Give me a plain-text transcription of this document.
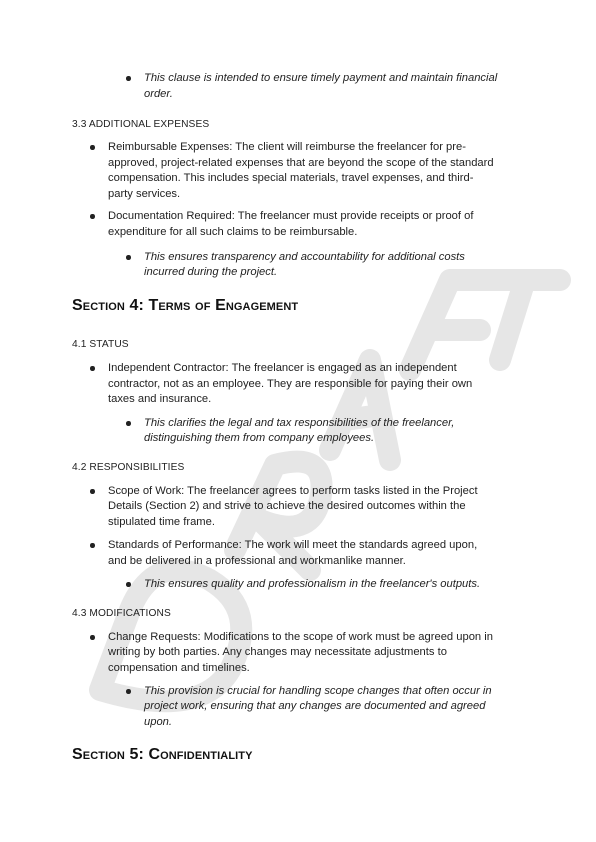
This clause is intended to ensure timely payment and maintain financial

order.

3.3 ADDITIONAL EXPENSES

Reimbursable Expenses: The client will reimburse the freelancer for pre-

approved, project-related expenses that are beyond the scope of the standard

compensation. This includes special materials, travel expenses, and third-

party services.

Documentation Required: The freelancer must provide receipts or proof of

expenditure for all such claims to be reimbursable.

This ensures transparency and accountability for additional costs

incurred during the project.

Section 4: Terms of Engagement

4.1 STATUS

Independent Contractor: The freelancer is engaged as an independent

contractor, not as an employee. They are responsible for paying their own

taxes and insurance.

This clarifies the legal and tax responsibilities of the freelancer,

distinguishing them from company employees.

4.2 RESPONSIBILITIES

Scope of Work: The freelancer agrees to perform tasks listed in the Project

Details (Section 2) and strive to achieve the desired outcomes within the

stipulated time frame.

Standards of Performance: The work will meet the standards agreed upon,

and be delivered in a professional and workmanlike manner.

This ensures quality and professionalism in the freelancer's outputs.

4.3 MODIFICATIONS

Change Requests: Modifications to the scope of work must be agreed upon in

writing by both parties. Any changes may necessitate adjustments to

compensation and timelines.

This provision is crucial for handling scope changes that often occur in

project work, ensuring that any changes are documented and agreed

upon.

Section 5: Confidentiality
